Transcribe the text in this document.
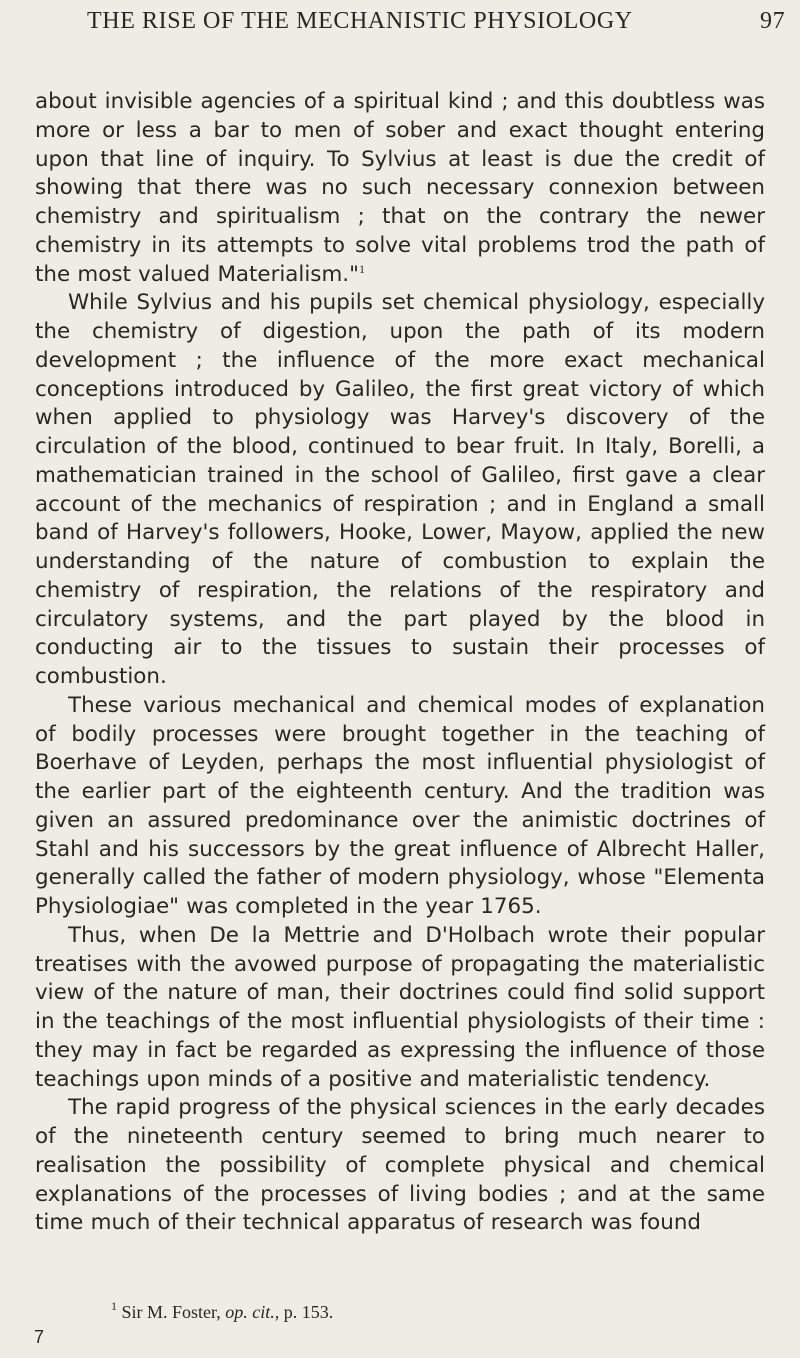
THE RISE OF THE MECHANISTIC PHYSIOLOGY	97

about invisible agencies of a spiritual kind ; and this doubtless was more or less a bar to men of sober and exact thought entering upon that line of inquiry. To Sylvius at least is due the credit of showing that there was no such necessary connexion between chemistry and spiritualism ; that on the contrary the newer chemistry in its attempts to solve vital problems trod the path of the most valued Materialism."$^1$

While Sylvius and his pupils set chemical physiology, especially the chemistry of digestion, upon the path of its modern development ; the influence of the more exact mechanical conceptions introduced by Galileo, the first great victory of which when applied to physiology was Harvey's discovery of the circulation of the blood, continued to bear fruit. In Italy, Borelli, a mathematician trained in the school of Galileo, first gave a clear account of the mechanics of respiration ; and in England a small band of Harvey's followers, Hooke, Lower, Mayow, applied the new understanding of the nature of combustion to explain the chemistry of respiration, the relations of the respiratory and circulatory systems, and the part played by the blood in conducting air to the tissues to sustain their processes of combustion.

These various mechanical and chemical modes of explanation of bodily processes were brought together in the teaching of Boerhave of Leyden, perhaps the most influential physiologist of the earlier part of the eighteenth century. And the tradition was given an assured predominance over the animistic doctrines of Stahl and his successors by the great influence of Albrecht Haller, generally called the father of modern physiology, whose "Elementa Physiologiae" was completed in the year 1765.

Thus, when De la Mettrie and D'Holbach wrote their popular treatises with the avowed purpose of propagating the materialistic view of the nature of man, their doctrines could find solid support in the teachings of the most influential physiologists of their time : they may in fact be regarded as expressing the influence of those teachings upon minds of a positive and materialistic tendency.

The rapid progress of the physical sciences in the early decades of the nineteenth century seemed to bring much nearer to realisation the possibility of complete physical and chemical explanations of the processes of living bodies ; and at the same time much of their technical apparatus of research was found

$^1$ Sir M. Foster, op. cit., p. 153.
7
